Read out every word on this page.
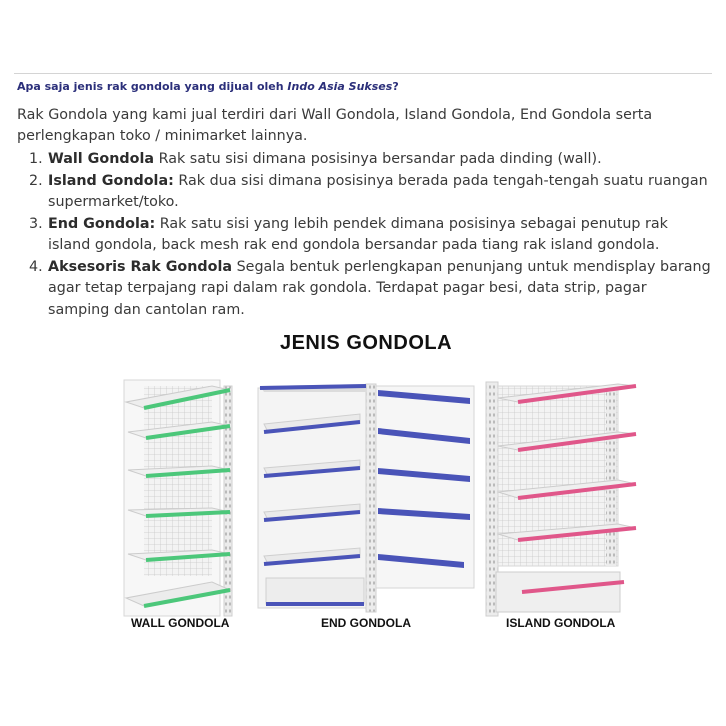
Apa saja jenis rak gondola yang dijual oleh Indo Asia Sukses?
Rak Gondola yang kami jual terdiri dari Wall Gondola, Island Gondola, End Gondola serta perlengkapan toko / minimarket lainnya.
1. Wall Gondola Rak satu sisi dimana posisinya bersandar pada dinding (wall).
2. Island Gondola: Rak dua sisi dimana posisinya berada pada tengah-tengah suatu ruangan supermarket/toko.
3. End Gondola: Rak satu sisi yang lebih pendek dimana posisinya sebagai penutup rak island gondola, back mesh rak end gondola bersandar pada tiang rak island gondola.
4. Aksesoris Rak Gondola Segala bentuk perlengkapan penunjang untuk mendisplay barang agar tetap terpajang rapi dalam rak gondola. Terdapat pagar besi, data strip, pagar samping dan cantolan ram.
JENIS GONDOLA
WALL GONDOLA	END GONDOLA	ISLAND GONDOLA
